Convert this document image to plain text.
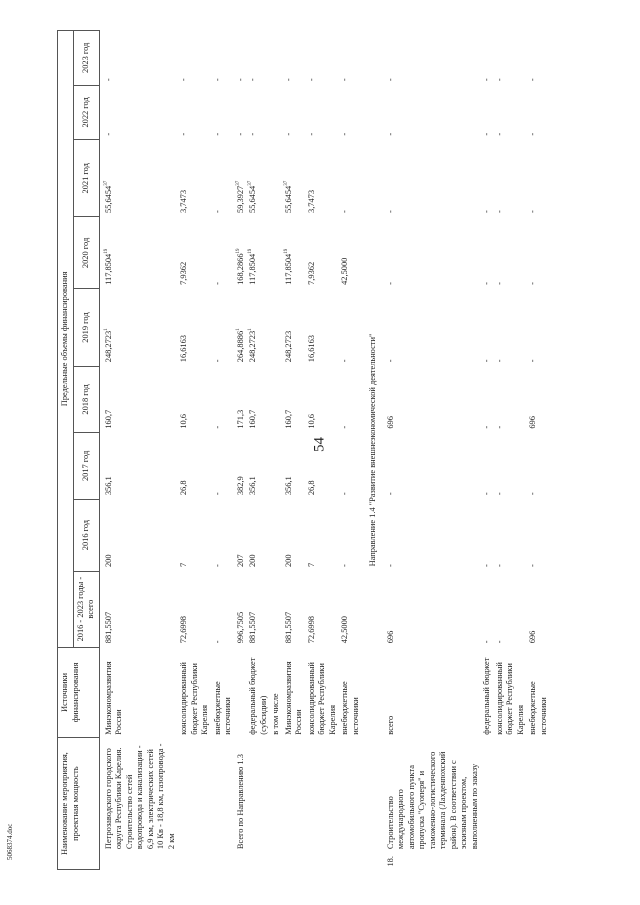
54
5068374.doc	Наименование мероприятия, проектная мощность		Источники финансирования	Предельные объемы финансирования								
			2016 - 2023 годы - всего	2016 год	2017 год	2018 год	2019 год	2020 год	2021 год	2022 год	2023 год
	Петрозаводского городского округа Республики Карелия. Строительство сетей водопровода и канализации - 6,9 км, электрических сетей 10 Кв - 18,8 км, газопровода - 2 км	Минэкономразвития России	881,5507	200	356,1	160,7	248,2723$^1$	117,8504$^{19}$	55,6454$^{37}$	-	-
		консолидированный бюджет Республики Карелия	72,6998	7	26,8	10,6	16,6163	7,9362	3,7473	-	-
		внебюджетные источники	-	-	-	-	-	-	-	-	-
	Всего по Направлению 1.3		996,7505	207	382,9	171,3	264,8886$^1$	168,2866$^{19}$	59,3927$^{37}$	-	-
		федеральный бюджет (субсидии)	881,5507	200	356,1	160,7	248,2723$^1$	117,8504$^{19}$	55,6454$^{37}$	-	-
		в том числе									
		Минэкономразвития России	881,5507	200	356,1	160,7	248,2723	117,8504$^{19}$	55,6454$^{37}$	-	-
		консолидированный бюджет Республики Карелия	72,6998	7	26,8	10,6	16,6163	7,9362	3,7473	-	-
		внебюджетные источники	42,5000	-	-	-	-	42,5000	-	-	-
Направление 1.4 "Развитие внешнеэкономической деятельности"											
18.	Строительство международного автомобильного пункта пропуска "Суоперя" и таможенно-логистического терминала (Лахденпохский район). В соответствии с эскизным проектом, выполненным по заказу	всего	696	-	-	696	-	-	-	-	-
		федеральный бюджет	-	-	-	-	-	-	-	-	-
		консолидированный бюджет Республики Карелия	-	-	-	-	-	-	-	-	-
		внебюджетные источники	696	-	-	696	-	-	-	-	-
